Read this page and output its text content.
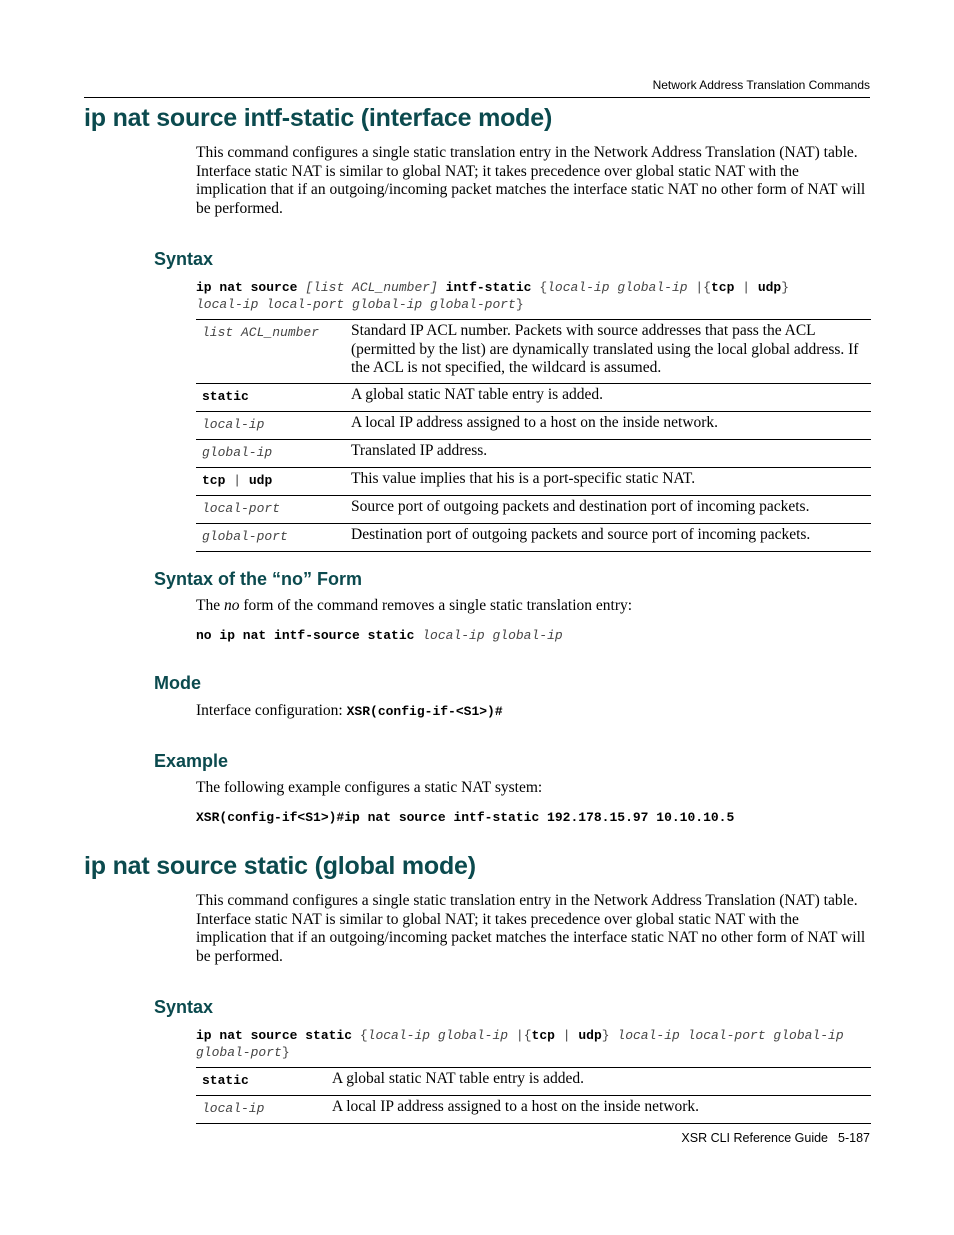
Network Address Translation Commands
ip nat source intf-static (interface mode)

This command configures a single static translation entry in the Network Address Translation (NAT) table. Interface static NAT is similar to global NAT; it takes precedence over global static NAT with the implication that if an outgoing/incoming packet matches the interface static NAT no other form of NAT will be performed.

Syntax

ip nat source [list ACL_number] intf-static {local-ip global-ip |{tcp | udp}
local-ip local-port global-ip global-port}

list ACL_number	Standard IP ACL number. Packets with source addresses that pass the ACL (permitted by the list) are dynamically translated using the local global address. If the ACL is not specified, the wildcard is assumed.
static	A global static NAT table entry is added.
local-ip	A local IP address assigned to a host on the inside network.
global-ip	Translated IP address.
tcp | udp	This value implies that his is a port-specific static NAT.
local-port	Source port of outgoing packets and destination port of incoming packets.
global-port	Destination port of outgoing packets and source port of incoming packets.
Syntax of the “no” Form

The no form of the command removes a single static translation entry:

no ip nat intf-source static local-ip global-ip

Mode

Interface configuration: XSR(config-if-<S1>)#

Example

The following example configures a static NAT system:

XSR(config-if<S1>)#ip nat source intf-static 192.178.15.97 10.10.10.5

ip nat source static (global mode)

This command configures a single static translation entry in the Network Address Translation (NAT) table. Interface static NAT is similar to global NAT; it takes precedence over global static NAT with the implication that if an outgoing/incoming packet matches the interface static NAT no other form of NAT will be performed.

Syntax

ip nat source static {local-ip global-ip |{tcp | udp} local-ip local-port global-ip global-port}

static	A global static NAT table entry is added.
local-ip	A local IP address assigned to a host on the inside network.
XSR CLI Reference Guide 5-187
